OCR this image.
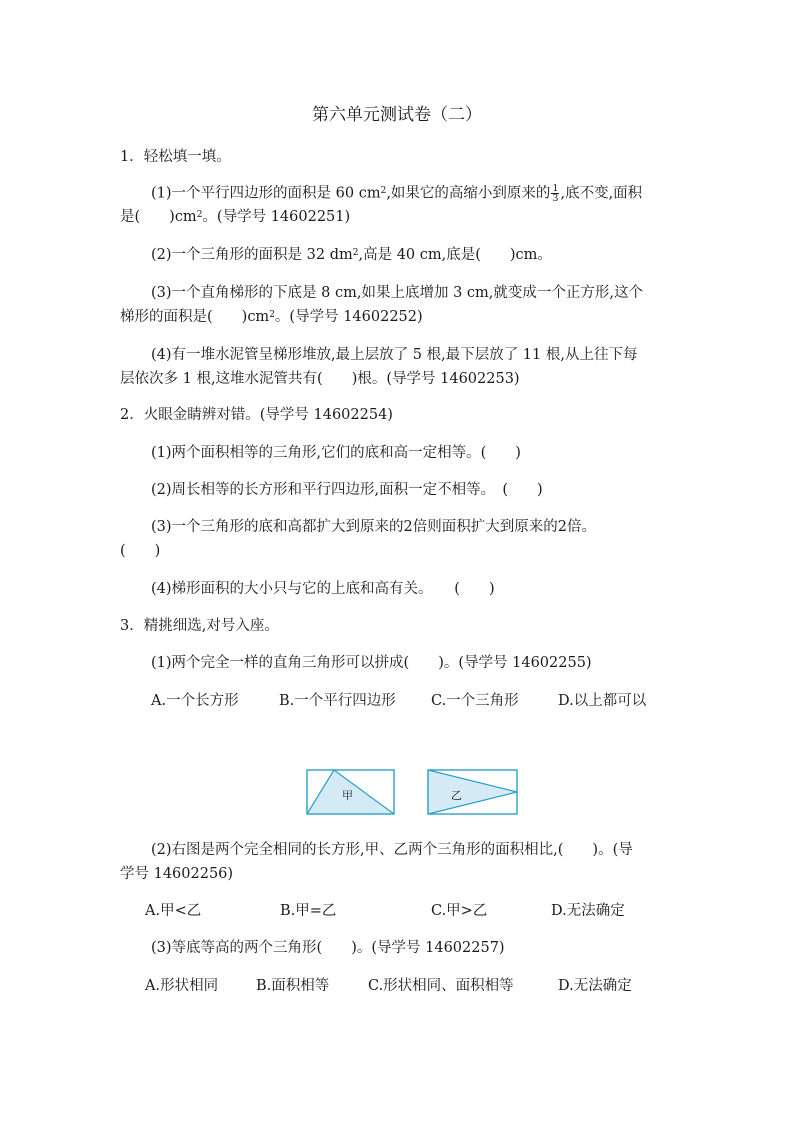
第六单元测试卷（二）
1．轻松填一填。
(1)一个平行四边形的面积是 60 $cm^2$,如果它的高缩小到原来的 $\frac{1}{3}$ ,底不变,面积
是(　　)$cm^2$。(导学号 14602251)
(2)一个三角形的面积是 32 $dm^2$,高是 40 cm,底是(　　)cm。
(3)一个直角梯形的下底是 8 cm,如果上底增加 3 cm,就变成一个正方形,这个
梯形的面积是(　　)$cm^2$。(导学号 14602252)
(4)有一堆水泥管呈梯形堆放,最上层放了 5 根,最下层放了 11 根,从上往下每
层依次多 1 根,这堆水泥管共有(　　)根。(导学号 14602253)
2．火眼金睛辨对错。(导学号 14602254)
(1)两个面积相等的三角形,它们的底和高一定相等。(　　)
(2)周长相等的长方形和平行四边形,面积一定不相等。　(　　)
(3)一个三角形的底和高都扩大到原来的2倍则面积扩大到原来的2倍。
(　　)
(4)梯形面积的大小只与它的上底和高有关。　　(　　)
3．精挑细选,对号入座。
(1)两个完全一样的直角三角形可以拼成(　　)。(导学号 14602255)
A.一个长方形	B.一个平行四边形 C.一个三角形	D.以上都可以
甲	乙
(2)右图是两个完全相同的长方形,甲、乙两个三角形的面积相比,(　　)。(导
学号 14602256)
A.甲<乙	B.甲=乙	C.甲>乙	D.无法确定
(3)等底等高的两个三角形(　　)。(导学号 14602257)
A.形状相同	B.面积相等	C.形状相同、面积相等	D.无法确定
